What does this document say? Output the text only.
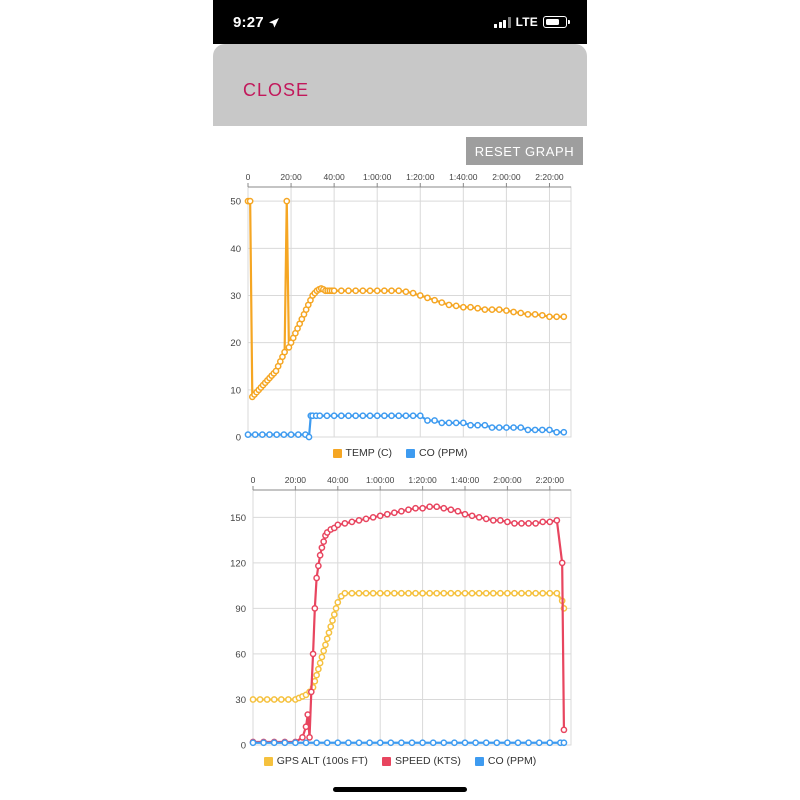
9:27	LTE
CLOSE
RESET GRAPH
0	20:00	40:00 1:00:00 1:20:00 1:40:00 2:00:00 2:20:00
0
10
20
30
40
50
TEMP (C)	CO (PPM)
0	20:00 40:00 1:00:00 1:20:00 1:40:00 2:00:00 2:20:00
0
30
60
90
120
150
GPS ALT (100s FT)	SPEED (KTS)	CO (PPM)
